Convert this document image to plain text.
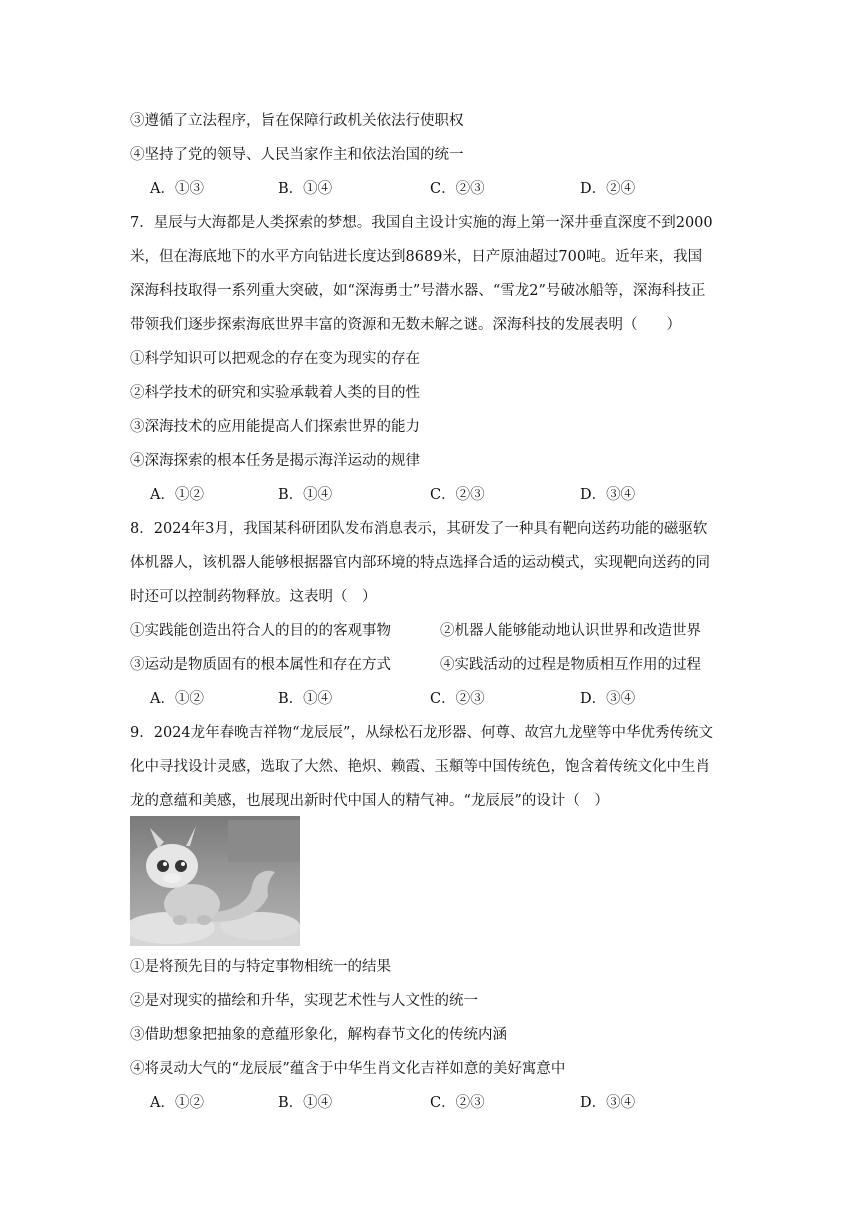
③遵循了立法程序，旨在保障行政机关依法行使职权
④坚持了党的领导、人民当家作主和依法治国的统一
A．①③	B．①④	C．②③	D．②④
7．星辰与大海都是人类探索的梦想。我国自主设计实施的海上第一深井垂直深度不到2000
米，但在海底地下的水平方向钻进长度达到8689米，日产原油超过700吨。近年来，我国
深海科技取得一系列重大突破，如“深海勇士”号潜水器、“雪龙2”号破冰船等，深海科技正
带领我们逐步探索海底世界丰富的资源和无数未解之谜。深海科技的发展表明（　　）
①科学知识可以把观念的存在变为现实的存在
②科学技术的研究和实验承载着人类的目的性
③深海技术的应用能提高人们探索世界的能力
④深海探索的根本任务是揭示海洋运动的规律
A．①②	B．①④	C．②③	D．③④
8．2024年3月，我国某科研团队发布消息表示，其研发了一种具有靶向送药功能的磁驱软
体机器人，该机器人能够根据器官内部环境的特点选择合适的运动模式，实现靶向送药的同
时还可以控制药物释放。这表明（　）
①实践能创造出符合人的目的的客观事物	②机器人能够能动地认识世界和改造世界
③运动是物质固有的根本属性和存在方式	④实践活动的过程是物质相互作用的过程
A．①②	B．①④	C．②③	D．③④
9．2024龙年春晚吉祥物“龙辰辰”，从绿松石龙形器、何尊、故宫九龙壁等中华优秀传统文
化中寻找设计灵感，选取了大然、艳炽、赖霞、玉頫等中国传统色，饱含着传统文化中生肖
龙的意蕴和美感，也展现出新时代中国人的精气神。“龙辰辰”的设计（　）
①是将预先目的与特定事物相统一的结果
②是对现实的描绘和升华，实现艺术性与人文性的统一
③借助想象把抽象的意蕴形象化，解构春节文化的传统内涵
④将灵动大气的“龙辰辰”蕴含于中华生肖文化吉祥如意的美好寓意中
A．①②	B．①④	C．②③	D．③④
